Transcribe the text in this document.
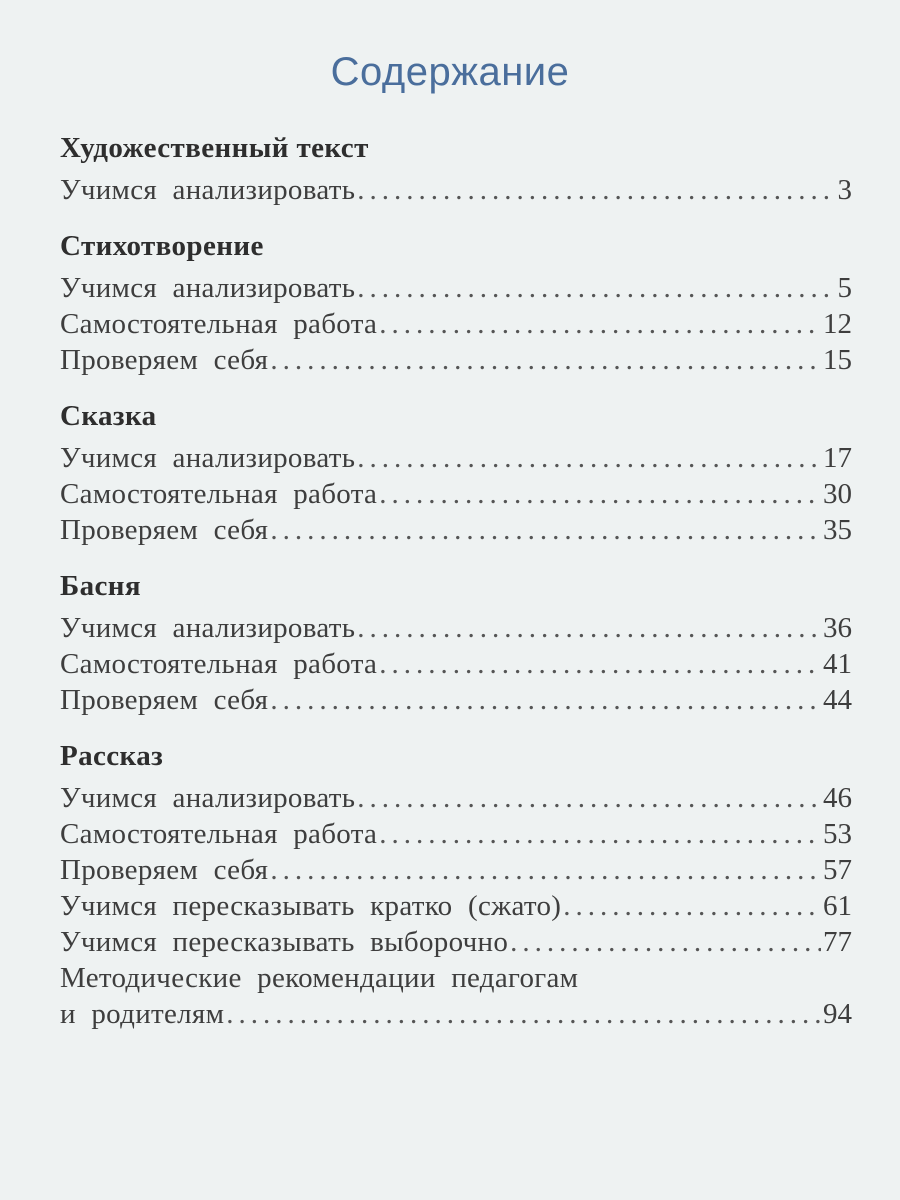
Содержание
Художественный текст
Учимся анализировать .....	3
Стихотворение
Учимся анализировать .....	5
Самостоятельная работа .....	12
Проверяем себя .....	15
Сказка
Учимся анализировать .....	17
Самостоятельная работа .....	30
Проверяем себя .....	35
Басня
Учимся анализировать .....	36
Самостоятельная работа .....	41
Проверяем себя .....	44
Рассказ
Учимся анализировать .....	46
Самостоятельная работа .....	53
Проверяем себя .....	57
Учимся пересказывать кратко (сжато) .....	61
Учимся пересказывать выборочно .....	77
Методические рекомендации педагогам
и родителям .....	94
